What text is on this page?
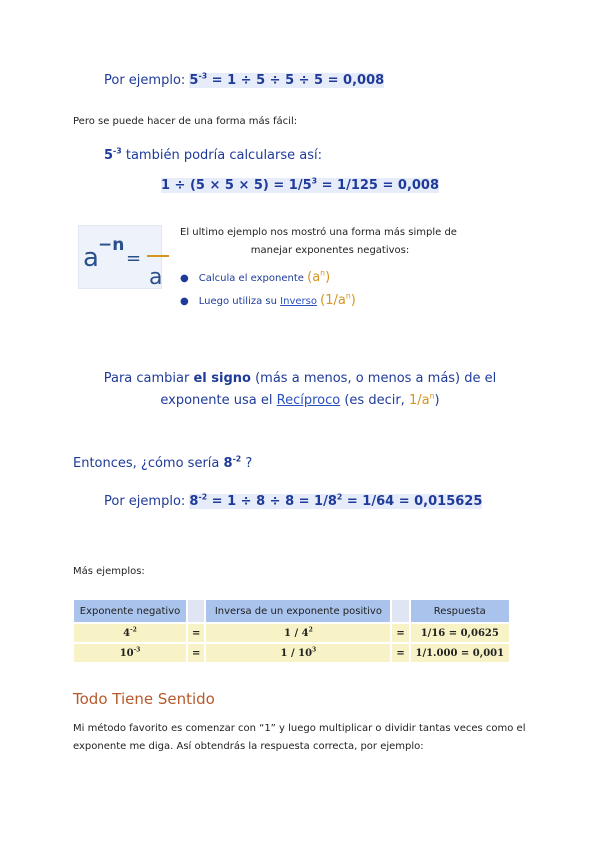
Por ejemplo: $5^{-3} = 1 \div 5 \div 5 \div 5 = 0,008$
Pero se puede hacer de una forma más fácil:
$5^{-3}$ también podría calcularse así:
$1 \div (5 \times 5 \times 5) = 1/5^3 = 1/125 = 0,008$
a −n
=
a
El ultimo ejemplo nos mostró una forma más simple de
manejar exponentes negativos:
● Calcula el exponente $(a^n)$
● Luego utiliza su Inverso $(1/a^n)$
Para cambiar el signo (más a menos, o menos a más) de el
exponente usa el Recíproco (es decir, $1/a^n$)
Entonces, ¿cómo sería $8^{-2}$ ?
Por ejemplo: $8^{-2} = 1 \div 8 \div 8 = 1/8^2 = 1/64 = 0,015625$
Más ejemplos:
Exponente negativo		Inversa de un exponente positivo		Respuesta
$4^{-2}$	=	$1 / 4^2$	=	1/16 = 0,0625
$10^{-3}$	=	$1 / 10^3$	=	1/1.000 = 0,001
Todo Tiene Sentido
Mi método favorito es comenzar con “1” y luego multiplicar o dividir tantas veces como el exponente me diga. Así obtendrás la respuesta correcta, por ejemplo:
